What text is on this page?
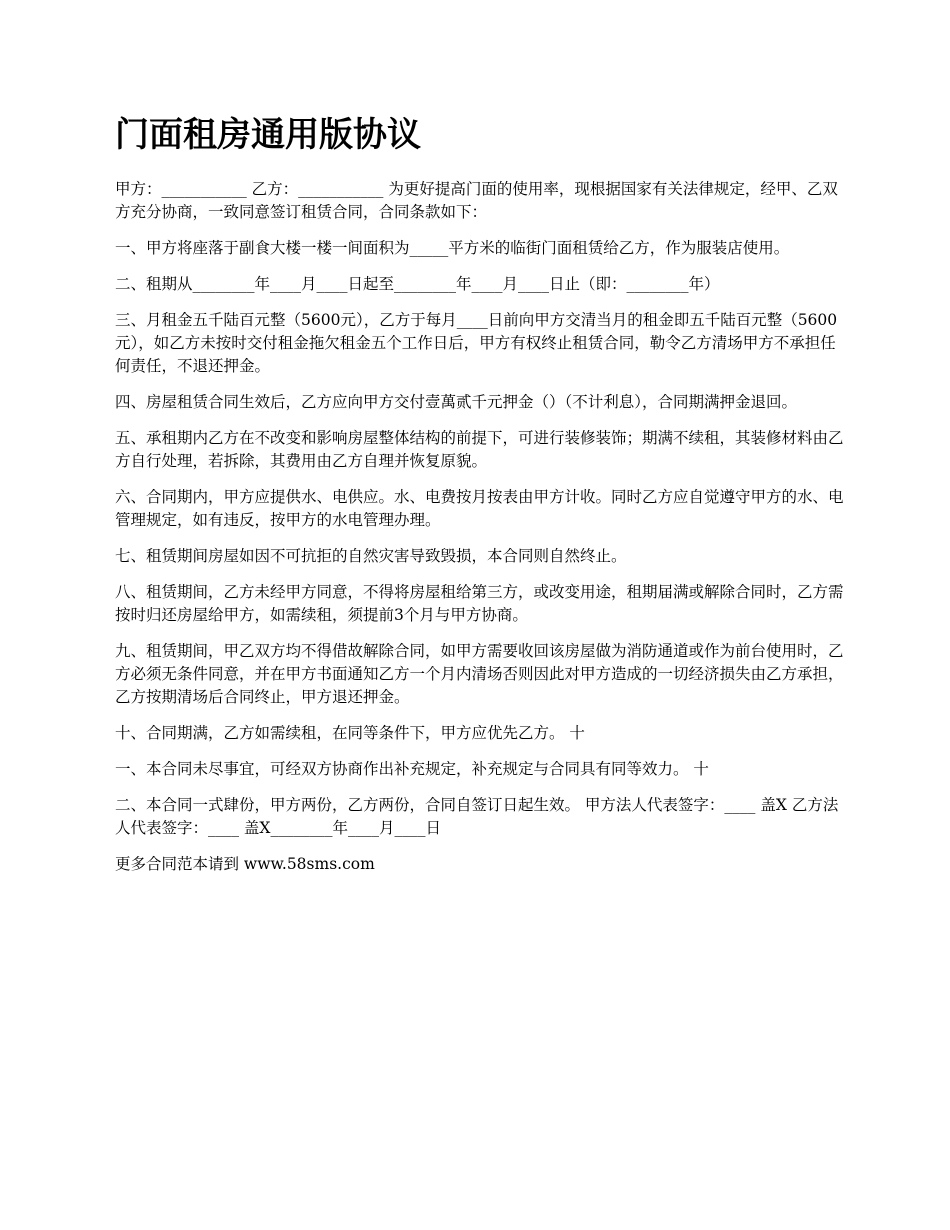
门面租房通用版协议

甲方：___________ 乙方：___________ 为更好提高门面的使用率，现根据国家有关法律规定，经甲、乙双方充分协商，一致同意签订租赁合同，合同条款如下：

一、甲方将座落于副食大楼一楼一间面积为_____平方米的临街门面租赁给乙方，作为服装店使用。

二、租期从________年____月____日起至________年____月____日止（即：________年）

三、月租金五千陆百元整（5600元），乙方于每月____日前向甲方交清当月的租金即五千陆百元整（5600元），如乙方未按时交付租金拖欠租金五个工作日后，甲方有权终止租赁合同，勒令乙方清场甲方不承担任何责任，不退还押金。

四、房屋租赁合同生效后，乙方应向甲方交付壹萬贰千元押金（）（不计利息），合同期满押金退回。

五、承租期内乙方在不改变和影响房屋整体结构的前提下，可进行装修装饰；期满不续租，其装修材料由乙方自行处理，若拆除，其费用由乙方自理并恢复原貌。

六、合同期内，甲方应提供水、电供应。水、电费按月按表由甲方计收。同时乙方应自觉遵守甲方的水、电管理规定，如有违反，按甲方的水电管理办理。

七、租赁期间房屋如因不可抗拒的自然灾害导致毁损，本合同则自然终止。

八、租赁期间，乙方未经甲方同意，不得将房屋租给第三方，或改变用途，租期届满或解除合同时，乙方需按时归还房屋给甲方，如需续租，须提前3个月与甲方协商。

九、租赁期间，甲乙双方均不得借故解除合同，如甲方需要收回该房屋做为消防通道或作为前台使用时，乙方必须无条件同意，并在甲方书面通知乙方一个月内清场否则因此对甲方造成的一切经济损失由乙方承担，乙方按期清场后合同终止，甲方退还押金。

十、合同期满，乙方如需续租，在同等条件下，甲方应优先乙方。 十

一、本合同未尽事宜，可经双方协商作出补充规定，补充规定与合同具有同等效力。 十

二、本合同一式肆份，甲方两份，乙方两份，合同自签订日起生效。 甲方法人代表签字：____ 盖X 乙方法人代表签字：____ 盖X________年____月____日

更多合同范本请到 www.58sms.com
